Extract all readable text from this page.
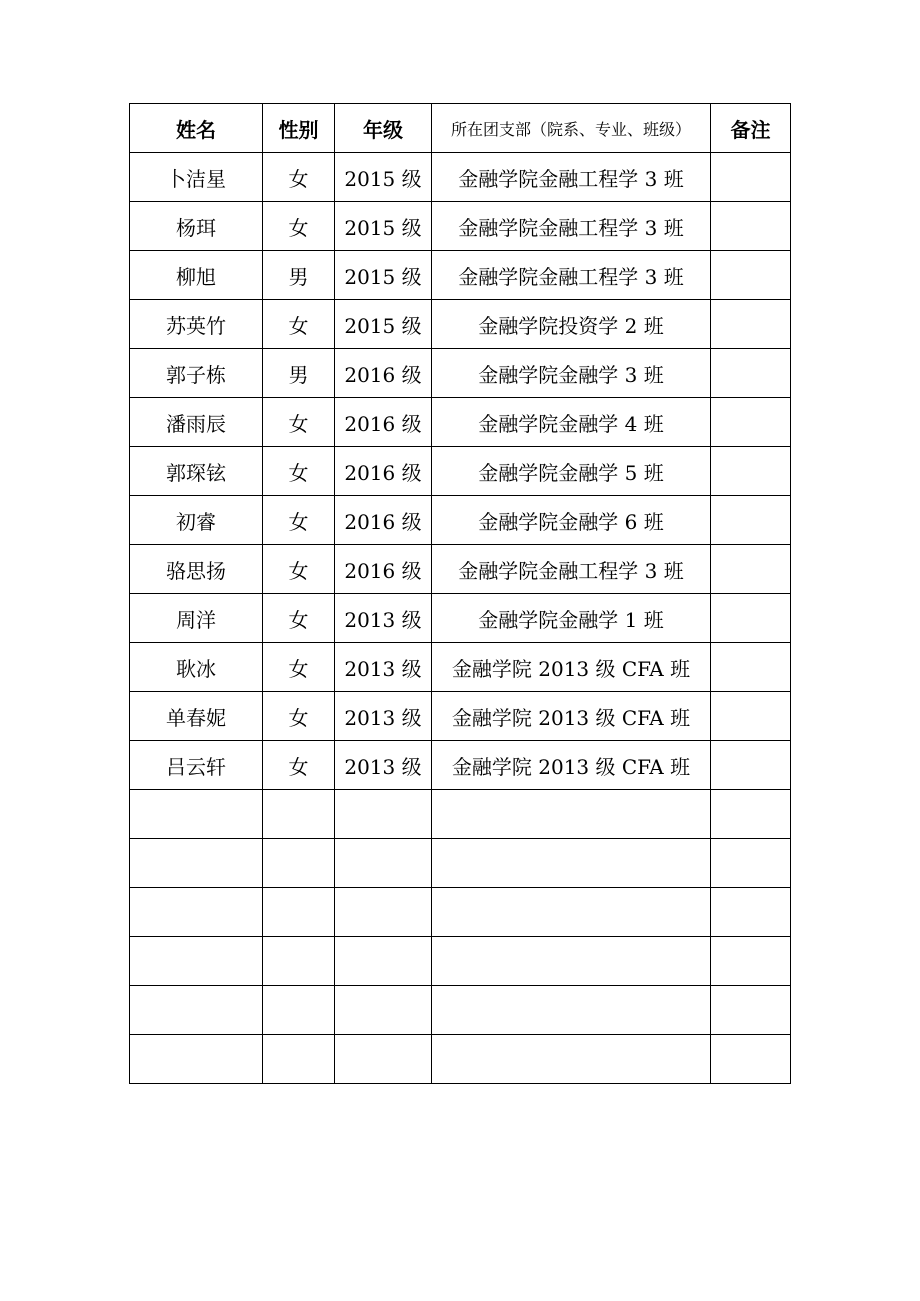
姓名	性别	年级	所在团支部（院系、专业、班级）	备注
卜洁星	女	2015 级	金融学院金融工程学 3 班	
杨珥	女	2015 级	金融学院金融工程学 3 班	
柳旭	男	2015 级	金融学院金融工程学 3 班	
苏英竹	女	2015 级	金融学院投资学 2 班	
郭子栋	男	2016 级	金融学院金融学 3 班	
潘雨辰	女	2016 级	金融学院金融学 4 班	
郭琛铉	女	2016 级	金融学院金融学 5 班	
初睿	女	2016 级	金融学院金融学 6 班	
骆思扬	女	2016 级	金融学院金融工程学 3 班	
周洋	女	2013 级	金融学院金融学 1 班	
耿冰	女	2013 级	金融学院 2013 级 CFA 班	
单春妮	女	2013 级	金融学院 2013 级 CFA 班	
吕云轩	女	2013 级	金融学院 2013 级 CFA 班	
